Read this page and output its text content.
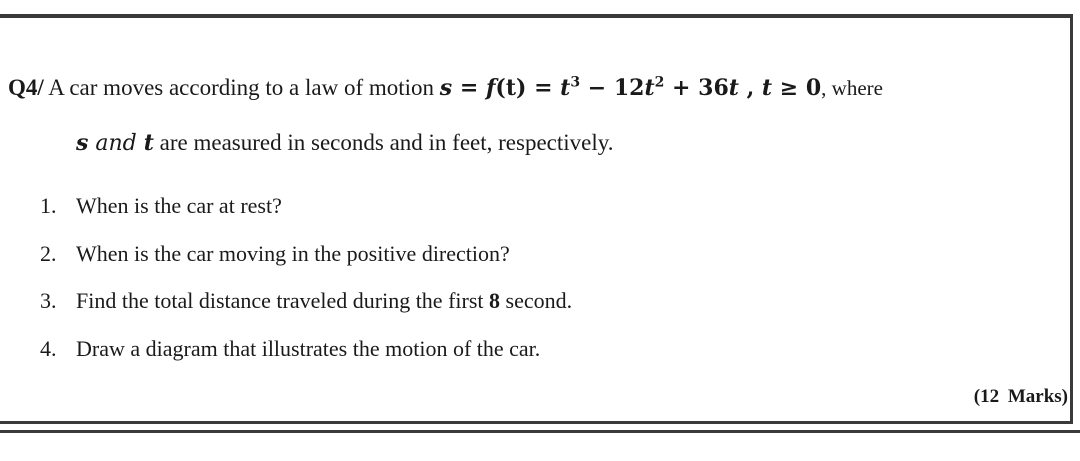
Q4/ A car moves according to a law of motion $s = f(t) = t^3 - 12t^2 + 36t$ , t ≥ 0, where
s and t are measured in seconds and in feet, respectively.
1. When is the car at rest?
2. When is the car moving in the positive direction?
3. Find the total distance traveled during the first 8 second.
4. Draw a diagram that illustrates the motion of the car.
(12 Marks)
